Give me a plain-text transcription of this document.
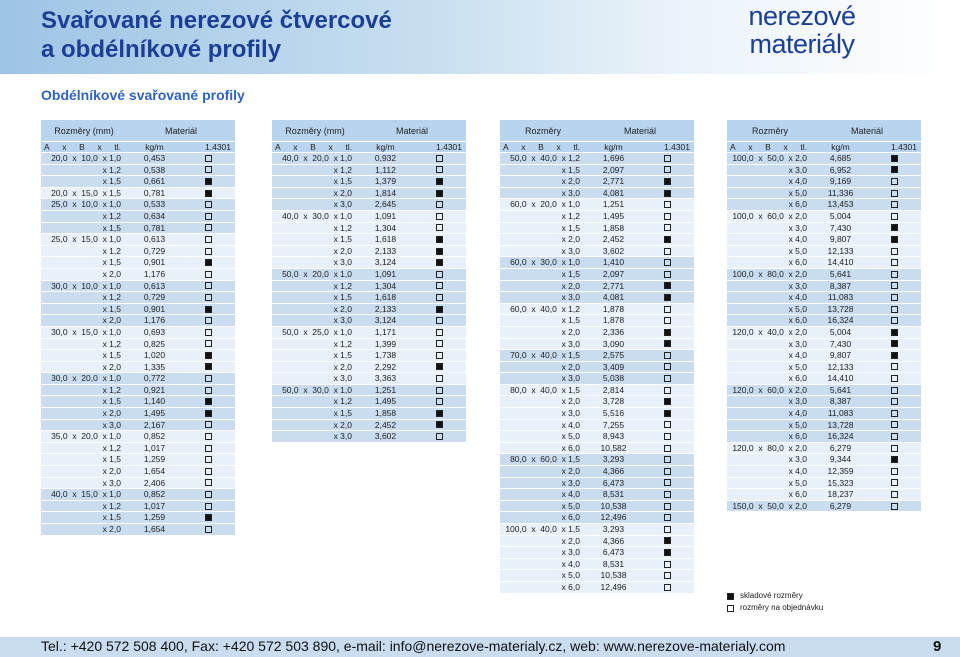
Svařované nerezové čtvercové
a obdélníkové profily
nerezové
materiály
Obdélníkové svařované profily
Rozměry (mm)	Materiál
A x B x tl.	kg/m	1.4301
20,0  x  10,0  x 1,0	0,453
x 1,2	0,538
x 1,5	0,661
20,0  x  15,0  x 1,5	0,781
25,0  x  10,0  x 1,0	0,533
x 1,2	0,634
x 1,5	0,781
25,0  x  15,0  x 1,0	0,613
x 1,2	0,729
x 1,5	0,901
x 2,0	1,176
30,0  x  10,0  x 1,0	0,613
x 1,2	0,729
x 1,5	0,901
x 2,0	1,176
30,0  x  15,0  x 1,0	0,693
x 1,2	0,825
x 1,5	1,020
x 2,0	1,335
30,0  x  20,0  x 1,0	0,772
x 1,2	0,921
x 1,5	1,140
x 2,0	1,495
x 3,0	2,167
35,0  x  20,0  x 1,0	0,852
x 1,2	1,017
x 1,5	1,259
x 2,0	1,654
x 3,0	2,406
40,0  x  15,0  x 1,0	0,852
x 1,2	1,017
x 1,5	1,259
x 2,0	1,654
Rozměry (mm)	Materiál
A x B x tl.	kg/m	1.4301
40,0  x  20,0  x 1,0	0,932
x 1,2	1,112
x 1,5	1,379
x 2,0	1,814
x 3,0	2,645
40,0  x  30,0  x 1,0	1,091
x 1,2	1,304
x 1,5	1,618
x 2,0	2,133
x 3,0	3,124
50,0  x  20,0  x 1,0	1,091
x 1,2	1,304
x 1,5	1,618
x 2,0	2,133
x 3,0	3,124
50,0  x  25,0  x 1,0	1,171
x 1,2	1,399
x 1,5	1,738
x 2,0	2,292
x 3,0	3,363
50,0  x  30,0  x 1,0	1,251
x 1,2	1,495
x 1,5	1,858
x 2,0	2,452
x 3,0	3,602
Rozměry	Materiál
A x B x tl.	kg/m	1.4301
50,0  x  40,0  x 1,2	1,696
x 1,5	2,097
x 2,0	2,771
x 3,0	4,081
60,0  x  20,0  x 1,0	1,251
x 1,2	1,495
x 1,5	1,858
x 2,0	2,452
x 3,0	3,602
60,0  x  30,0  x 1,0	1,410
x 1,5	2,097
x 2,0	2,771
x 3,0	4,081
60,0  x  40,0  x 1,2	1,878
x 1,5	1,878
x 2,0	2,336
x 3,0	3,090
70,0  x  40,0  x 1,5	2,575
x 2,0	3,409
x 3,0	5,038
80,0  x  40,0  x 1,5	2,814
x 2,0	3,728
x 3,0	5,516
x 4,0	7,255
x 5,0	8,943
x 6,0	10,582
80,0  x  60,0  x 1,5	3,293
x 2,0	4,366
x 3,0	6,473
x 4,0	8,531
x 5,0	10,538
x 6,0	12,496
100,0  x  40,0  x 1,5	3,293
x 2,0	4,366
x 3,0	6,473
x 4,0	8,531
x 5,0	10,538
x 6,0	12,496
Rozměry	Materiál
A x B x tl.	kg/m	1.4301
100,0  x  50,0  x 2,0	4,685
x 3,0	6,952
x 4,0	9,169
x 5,0	11,336
x 6,0	13,453
100,0  x  60,0  x 2,0	5,004
x 3,0	7,430
x 4,0	9,807
x 5,0	12,133
x 6,0	14,410
100,0  x  80,0  x 2,0	5,641
x 3,0	8,387
x 4,0	11,083
x 5,0	13,728
x 6,0	16,324
120,0  x  40,0  x 2,0	5,004
x 3,0	7,430
x 4,0	9,807
x 5,0	12,133
x 6,0	14,410
120,0  x  60,0  x 2,0	5,641
x 3,0	8,387
x 4,0	11,083
x 5,0	13,728
x 6,0	16,324
120,0  x  80,0  x 2,0	6,279
x 3,0	9,344
x 4,0	12,359
x 5,0	15,323
x 6,0	18,237
150,0  x  50,0  x 2,0	6,279
skladové rozměry
rozměry na objednávku
Tel.: +420 572 508 400, Fax: +420 572 503 890, e-mail: info@nerezove-materialy.cz, web: www.nerezove-materialy.com	9
